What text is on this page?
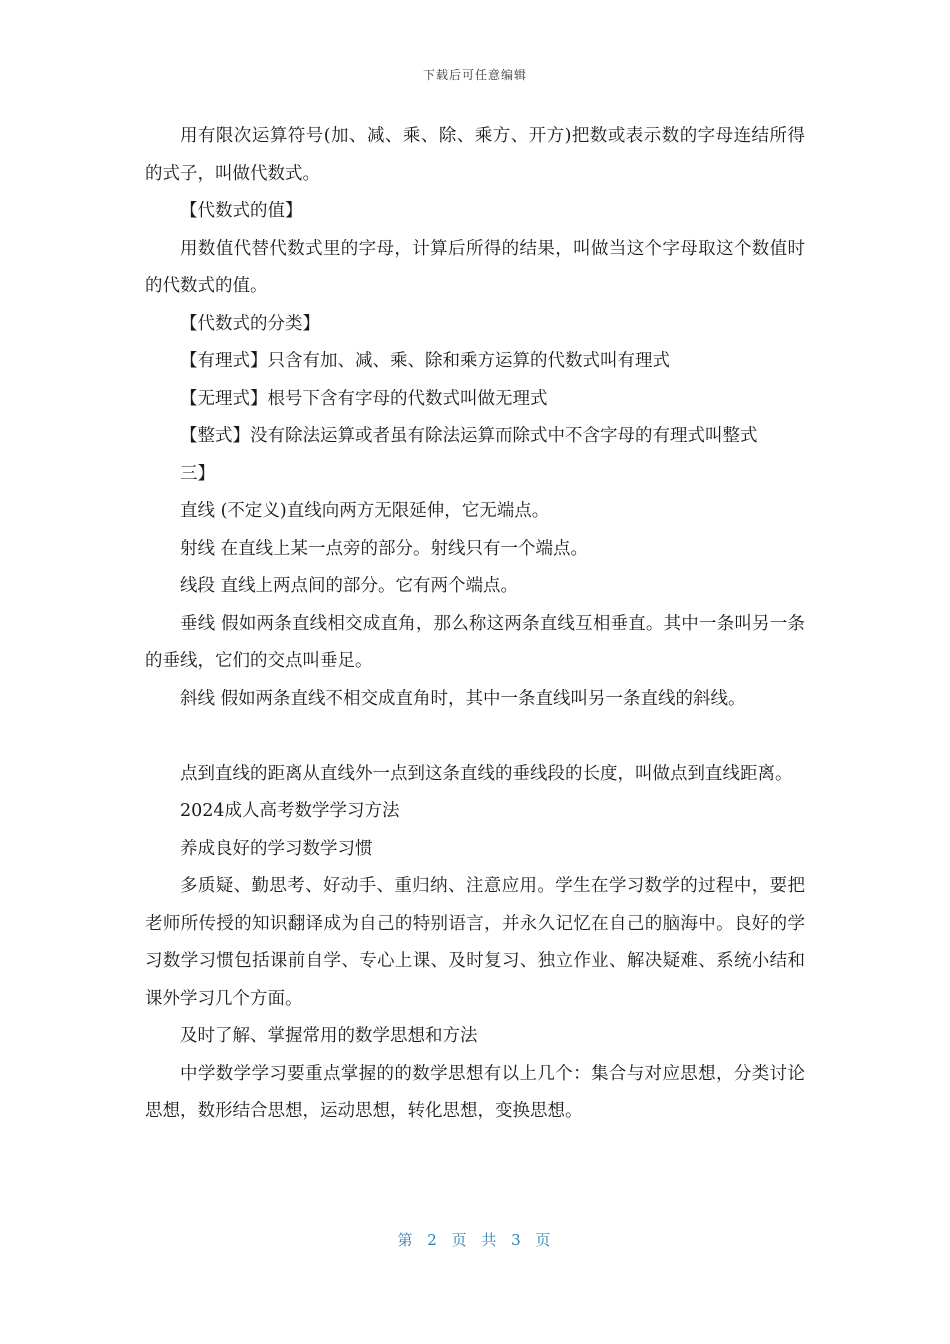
下载后可任意编辑

用有限次运算符号(加、减、乘、除、乘方、开方)把数或表示数的字母连结所得的式子，叫做代数式。

【代数式的值】

用数值代替代数式里的字母，计算后所得的结果，叫做当这个字母取这个数值时的代数式的值。

【代数式的分类】

【有理式】只含有加、减、乘、除和乘方运算的代数式叫有理式

【无理式】根号下含有字母的代数式叫做无理式

【整式】没有除法运算或者虽有除法运算而除式中不含字母的有理式叫整式

三】

直线 (不定义)直线向两方无限延伸，它无端点。

射线 在直线上某一点旁的部分。射线只有一个端点。

线段 直线上两点间的部分。它有两个端点。

垂线 假如两条直线相交成直角，那么称这两条直线互相垂直。其中一条叫另一条的垂线，它们的交点叫垂足。

斜线 假如两条直线不相交成直角时，其中一条直线叫另一条直线的斜线。

点到直线的距离从直线外一点到这条直线的垂线段的长度，叫做点到直线距离。

2024成人高考数学学习方法

养成良好的学习数学习惯

多质疑、勤思考、好动手、重归纳、注意应用。学生在学习数学的过程中，要把老师所传授的知识翻译成为自己的特别语言，并永久记忆在自己的脑海中。良好的学习数学习惯包括课前自学、专心上课、及时复习、独立作业、解决疑难、系统小结和课外学习几个方面。

及时了解、掌握常用的数学思想和方法

中学数学学习要重点掌握的的数学思想有以上几个：集合与对应思想，分类讨论思想，数形结合思想，运动思想，转化思想，变换思想。

第 2 页 共 3 页
